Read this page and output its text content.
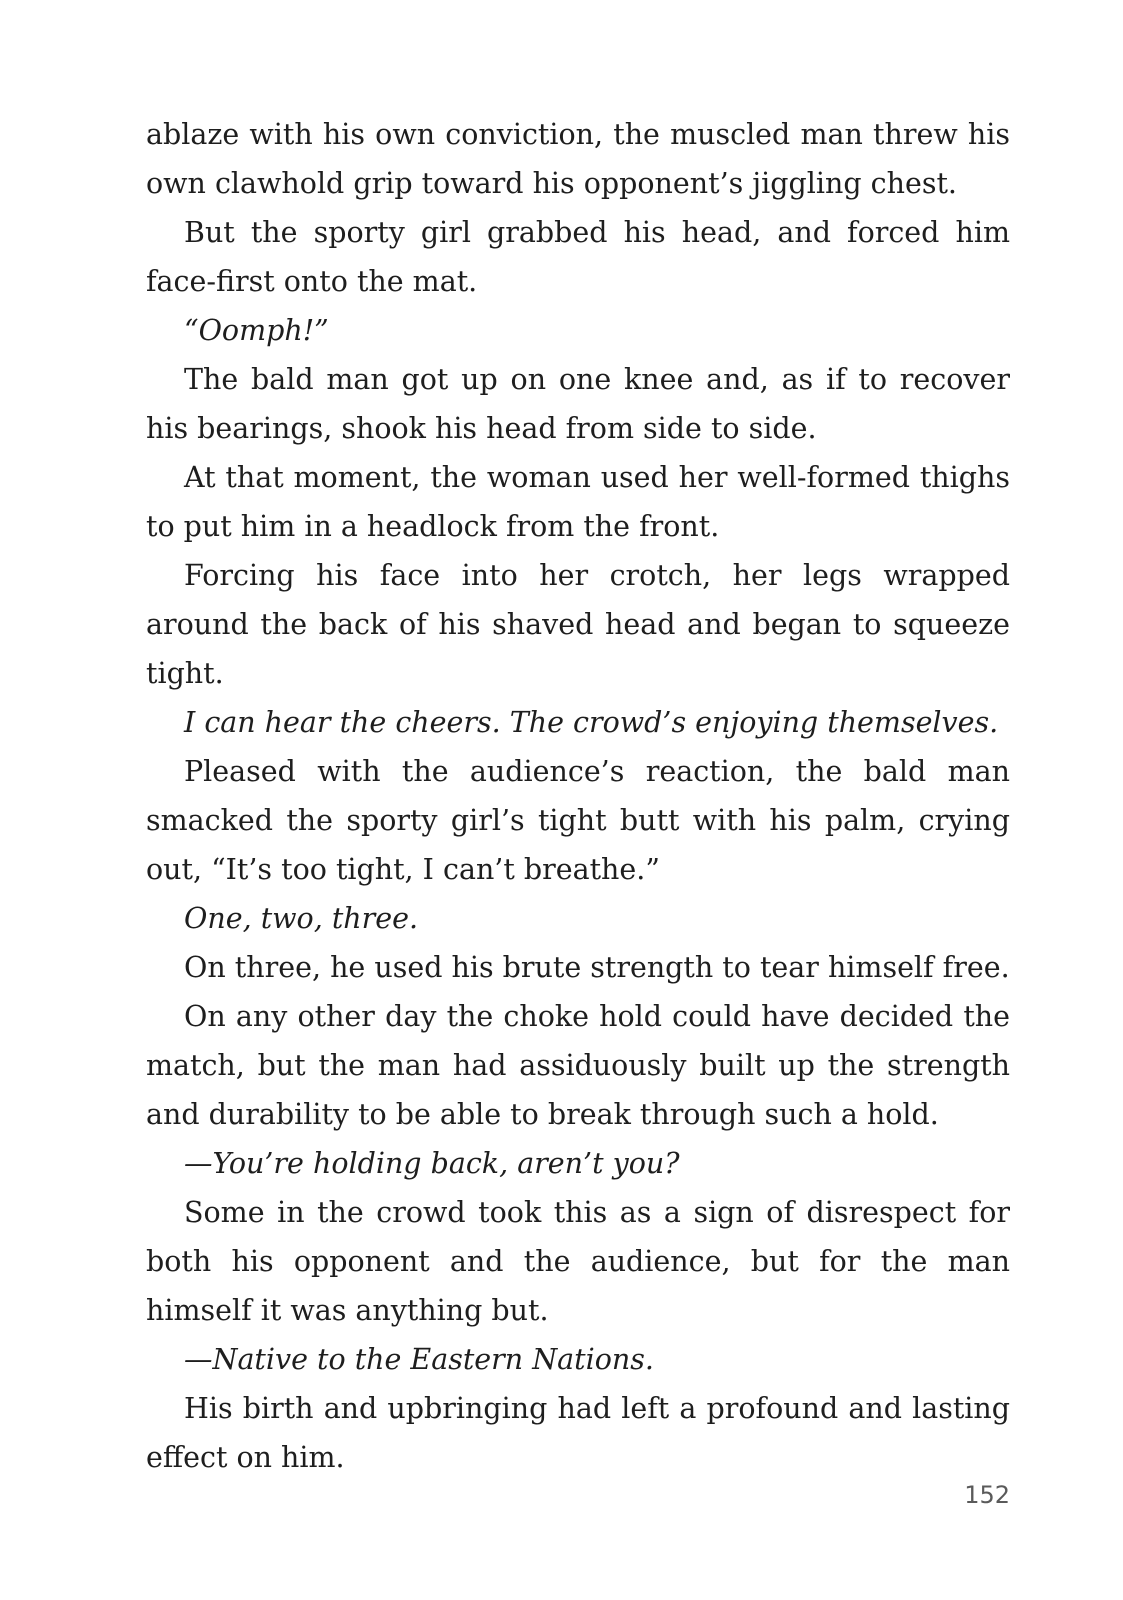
ablaze with his own conviction, the muscled man threw his own clawhold grip toward his opponent’s jiggling chest.

But the sporty girl grabbed his head, and forced him face-first onto the mat.

“Oomph!”

The bald man got up on one knee and, as if to recover his bearings, shook his head from side to side.

At that moment, the woman used her well-formed thighs to put him in a headlock from the front.

Forcing his face into her crotch, her legs wrapped around the back of his shaved head and began to squeeze tight.

I can hear the cheers. The crowd’s enjoying themselves.

Pleased with the audience’s reaction, the bald man smacked the sporty girl’s tight butt with his palm, crying out, “It’s too tight, I can’t breathe.”

One, two, three.

On three, he used his brute strength to tear himself free.

On any other day the choke hold could have decided the match, but the man had assiduously built up the strength and durability to be able to break through such a hold.

—You’re holding back, aren’t you?

Some in the crowd took this as a sign of disrespect for both his opponent and the audience, but for the man himself it was anything but.

—Native to the Eastern Nations.

His birth and upbringing had left a profound and lasting effect on him.

152
